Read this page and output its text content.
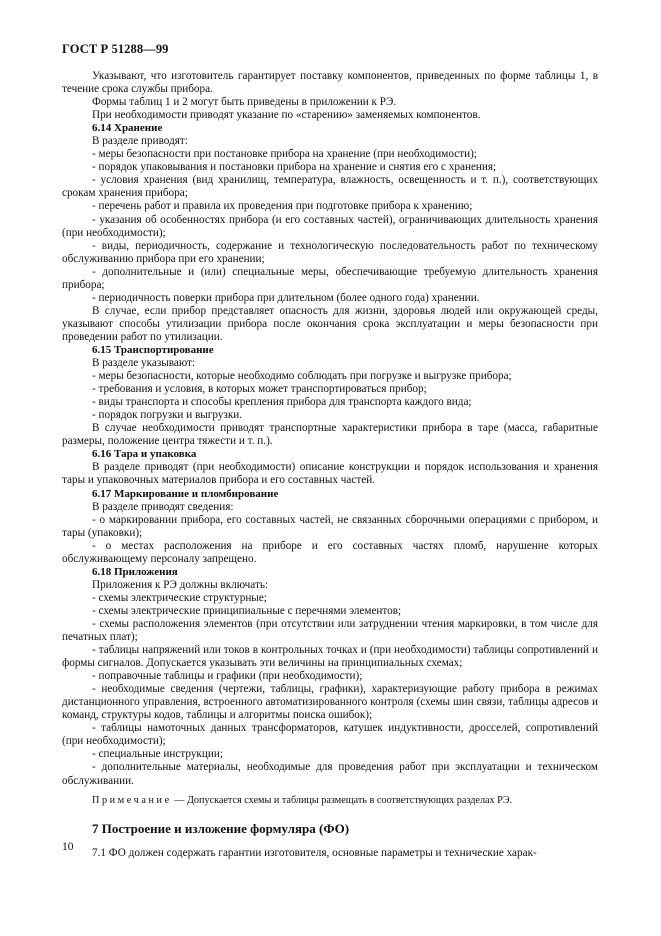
ГОСТ Р 51288—99

Указывают, что изготовитель гарантирует поставку компонентов, приведенных по форме таблицы 1, в течение срока службы прибора.

Формы таблиц 1 и 2 могут быть приведены в приложении к РЭ.

При необходимости приводят указание по «старению» заменяемых компонентов.

6.14 Хранение

В разделе приводят:

- меры безопасности при постановке прибора на хранение (при необходимости);

- порядок упаковывания и постановки прибора на хранение и снятия его с хранения;

- условия хранения (вид хранилищ, температура, влажность, освещенность и т. п.), соответствующих срокам хранения прибора;

- перечень работ и правила их проведения при подготовке прибора к хранению;

- указания об особенностях прибора (и его составных частей), ограничивающих длительность хранения (при необходимости);

- виды, периодичность, содержание и технологическую последовательность работ по техническому обслуживанию прибора при его хранении;

- дополнительные и (или) специальные меры, обеспечивающие требуемую длительность хранения прибора;

- периодичность поверки прибора при длительном (более одного года) хранении.

В случае, если прибор представляет опасность для жизни, здоровья людей или окружающей среды, указывают способы утилизации прибора после окончания срока эксплуатации и меры безопасности при проведении работ по утилизации.

6.15 Транспортирование

В разделе указывают:

- меры безопасности, которые необходимо соблюдать при погрузке и выгрузке прибора;

- требования и условия, в которых может транспортироваться прибор;

- виды транспорта и способы крепления прибора для транспорта каждого вида;

- порядок погрузки и выгрузки.

В случае необходимости приводят транспортные характеристики прибора в таре (масса, габаритные размеры, положение центра тяжести и т. п.).

6.16 Тара и упаковка

В разделе приводят (при необходимости) описание конструкции и порядок использования и хранения тары и упаковочных материалов прибора и его составных частей.

6.17 Маркирование и пломбирование

В разделе приводят сведения:

- о маркировании прибора, его составных частей, не связанных сборочными операциями с прибором, и тары (упаковки);

- о местах расположения на приборе и его составных частях пломб, нарушение которых обслуживающему персоналу запрещено.

6.18 Приложения

Приложения к РЭ должны включать:

- схемы электрические структурные;

- схемы электрические принципиальные с перечнями элементов;

- схемы расположения элементов (при отсутствии или затруднении чтения маркировки, в том числе для печатных плат);

- таблицы напряжений или токов в контрольных точках и (при необходимости) таблицы сопротивлений и формы сигналов. Допускается указывать эти величины на принципиальных схемах;

- поправочные таблицы и графики (при необходимости);

- необходимые сведения (чертежи, таблицы, графики), характеризующие работу прибора в режимах дистанционного управления, встроенного автоматизированного контроля (схемы шин связи, таблицы адресов и команд, структуры кодов, таблицы и алгоритмы поиска ошибок);

- таблицы намоточных данных трансформаторов, катушек индуктивности, дросселей, сопротивлений (при необходимости);

- специальные инструкции;

- дополнительные материалы, необходимые для проведения работ при эксплуатации и техническом обслуживании.

Примечание — Допускается схемы и таблицы размещать в соответствующих разделах РЭ.

7 Построение и изложение формуляра (ФО)

7.1 ФО должен содержать гарантии изготовителя, основные параметры и технические харак-

10
